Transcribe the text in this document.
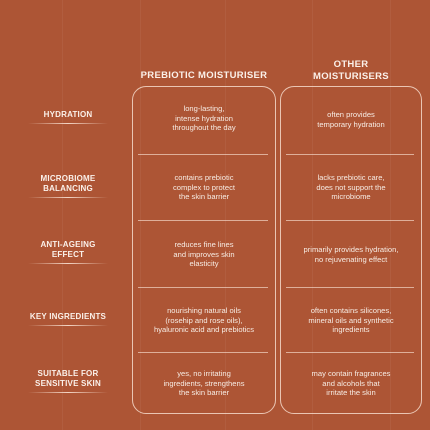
PREBIOTIC MOISTURISER
OTHER
MOISTURISERS
HYDRATION
long-lasting,
intense hydration
throughout the day
often provides
temporary hydration
MICROBIOME
BALANCING
contains prebiotic
complex to protect
the skin barrier
lacks prebiotic care,
does not support the
microbiome
ANTI-AGEING
EFFECT
reduces fine lines
and improves skin
elasticity
primarily provides hydration,
no rejuvenating effect
KEY INGREDIENTS
nourishing natural oils
(rosehip and rose oils),
hyaluronic acid and prebiotics
often contains silicones,
mineral oils and synthetic
ingredients
SUITABLE FOR
SENSITIVE SKIN
yes, no irritating
ingredients, strengthens
the skin barrier
may contain fragrances
and alcohols that
irritate the skin
